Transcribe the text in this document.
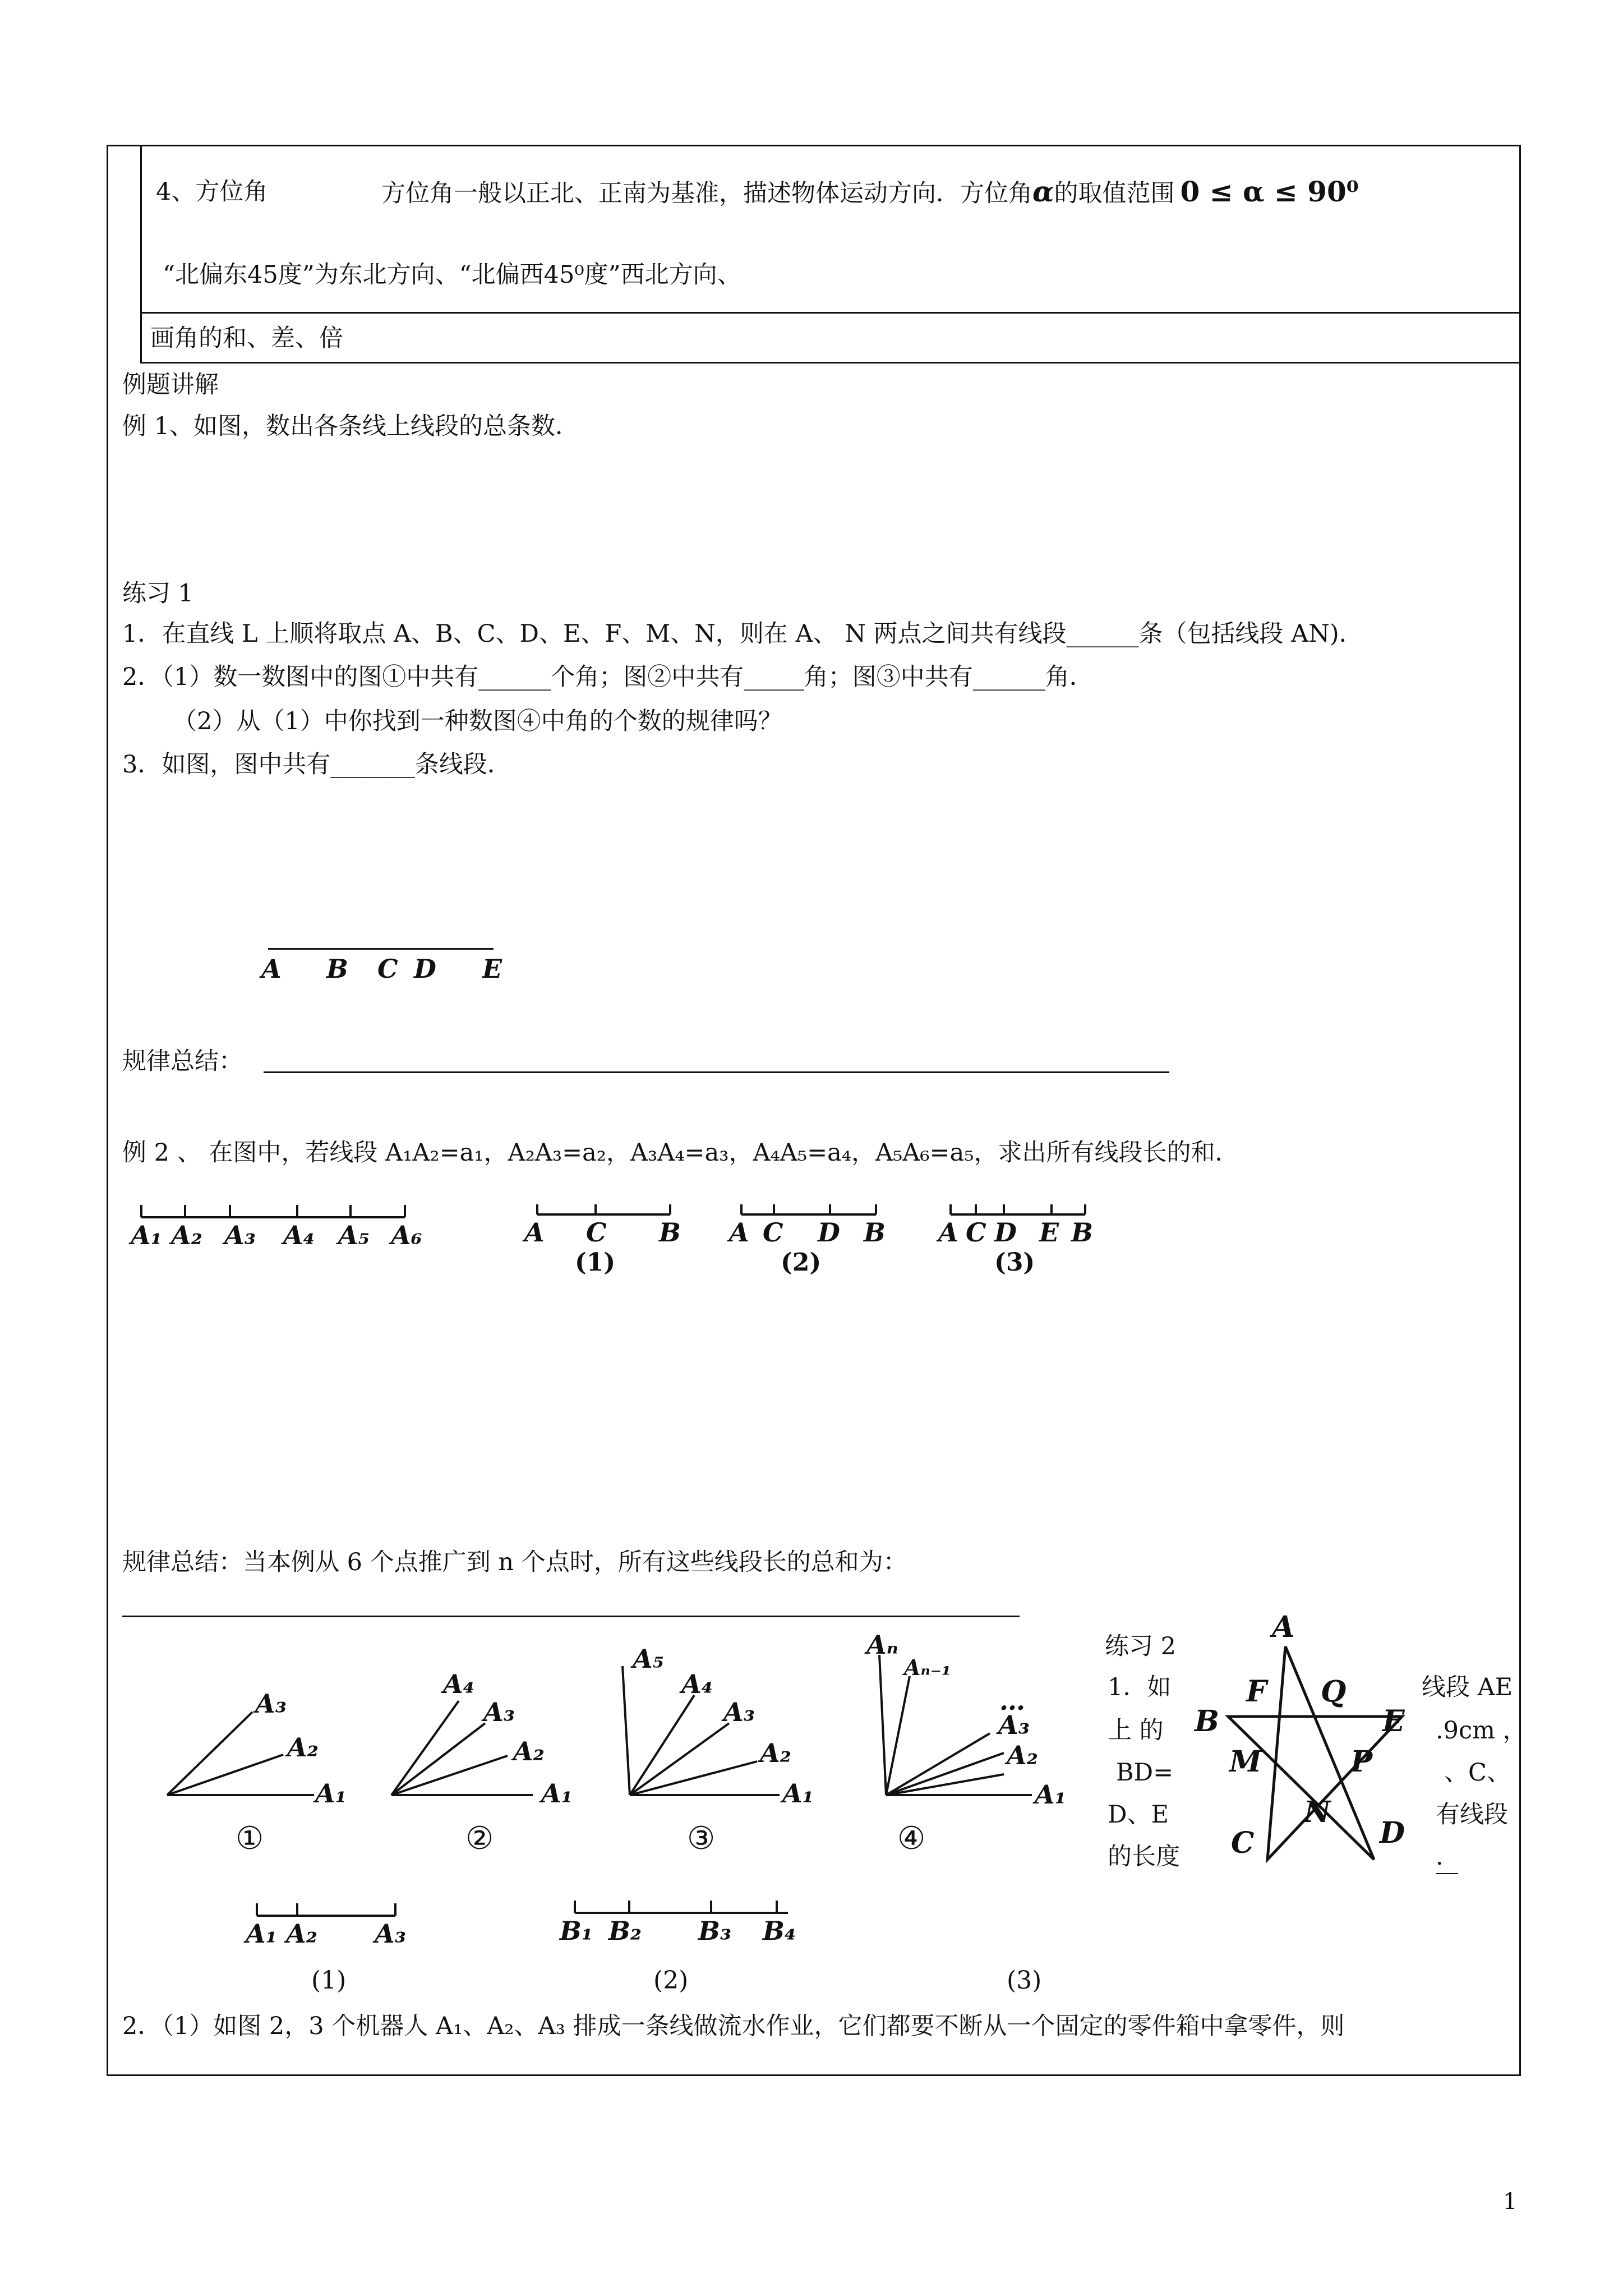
4、方位角	方位角一般以正北、正南为基准，描述物体运动方向．方位角α的取值范围 0 ≤ α ≤ 90⁰
“北偏东45度”为东北方向、“北偏西45⁰度”西北方向、
画角的和、差、倍
例题讲解
例 1、如图，数出各条线上线段的总条数．
练习 1
1．在直线 L 上顺将取点 A、B、C、D、E、F、M、N，则在 A、 N 两点之间共有线段______条（包括线段 AN)．
2．（1）数一数图中的图①中共有______个角；图②中共有_____角；图③中共有______角．
（2）从（1）中你找到一种数图④中角的个数的规律吗？
3．如图，图中共有_______条线段．
A B C D E
规律总结：
例 2 、 在图中，若线段 A₁A₂=a₁，A₂A₃=a₂，A₃A₄=a₃，A₄A₅=a₄，A₅A₆=a₅，求出所有线段长的和．
A₁ A₂ A₃ A₄ A₅ A₆	A C B
(1)
A C D B
(2)
A C D E B
(3)
规律总结：当本例从 6 个点推广到 n 个点时，所有这些线段长的总和为：
A₃
A₂
A₁
①
A₄
A₃
A₂
A₁
②
A₅
A₄
A₃
A₂
A₁
③
Aₙ
Aₙ₋₁
…
A₃
A₂
A₁
④
练习 2
1．如	线段 AE
上 的	.9cm ，
BD=	、C、
D、E	有线段
的长度	.
A
F Q
B	E
M	P
N
C	D
A₁ A₂ A₃	B₁ B₂ B₃ B₄
(1)	(2)	(3)
2．（1）如图 2，3 个机器人 A₁、A₂、A₃ 排成一条线做流水作业，它们都要不断从一个固定的零件箱中拿零件，则
1
